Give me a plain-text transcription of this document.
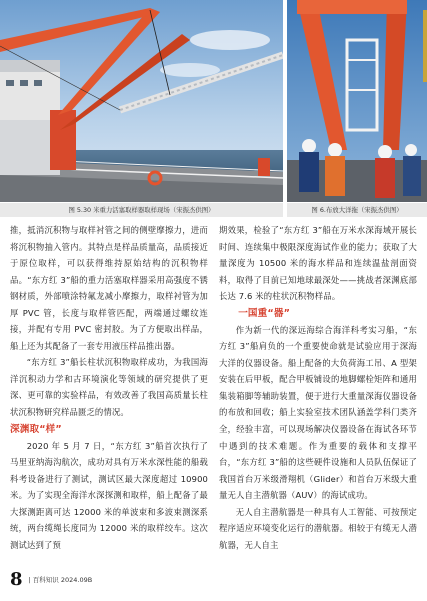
图 5.30 米重力活塞取样器取样现场（宋振杰供图）	图 6.布放大洋拖（宋振杰供图）

推，抵消沉积物与取样衬管之间的侧壁摩擦力，进而将沉积物抽入管内。其特点是样品质量高，品质接近于原位取样，可以获得维持原始结构的沉积物样品。“东方红 3”船的重力活塞取样器采用高强度不锈钢材质，外部喷涂特氟龙减小摩擦力，取样衬管为加厚 PVC 管，长度与取样管匹配，两端通过螺纹连接，并配有专用 PVC 密封胶。为了方便取出样品，船上还为其配备了一套专用液压样品推出器。

“东方红 3”船长柱状沉积物取样成功，为我国海洋沉积动力学和古环境演化等领域的研究提供了更深、更可靠的实验样品，有效改善了我国高质量长柱状沉积物研究样品匮乏的情况。

深渊取“样”

2020 年 5 月 7 日，“东方红 3”船首次执行了马里亚纳海沟航次，成功对具有万米水深性能的船载科考设备进行了测试，测试区最大深度超过 10900 米。为了实现全海洋水深探测和取样，船上配备了最大探测距离可达 12000 米的单波束和多波束测深系统，两台缆绳长度同为 12000 米的取样绞车。这次测试达到了预

期效果，检验了“东方红 3”船在万米水深海域开展长时间、连续集中极限深度海试作业的能力；获取了大量深度为 10500 米的海水样品和连续温盐剖面资料，取得了目前已知地球最深处——挑战者深渊底部长达 7.6 米的柱状沉积物样品。

一国重“器”

作为新一代的深远海综合海洋科考实习船，“东方红 3”船肩负的一个重要使命就是试验应用于深海大洋的仪器设备。船上配备的大负荷海工吊、A 型架安装在后甲板，配合甲板铺设的地脚螺栓矩阵和通用集装箱脚等辅助装置，便于进行大重量深海仪器设备的布放和回收；船上实验室技术团队涵盖学科门类齐全，经验丰富，可以现场解决仪器设备在海试各环节中遇到的技术难题。作为重要的载体和支撑平台，“东方红 3”船的这些硬件设施和人员队伍保证了我国首台万米级滑翔机（Glider）和首台万米级大重量无人自主潜航器（AUV）的海试成功。

无人自主潜航器是一种具有人工智能、可按预定程序适应环境变化运行的潜航器。相较于有缆无人潜航器，无人自主

8 | 百科知识 2024.09B
